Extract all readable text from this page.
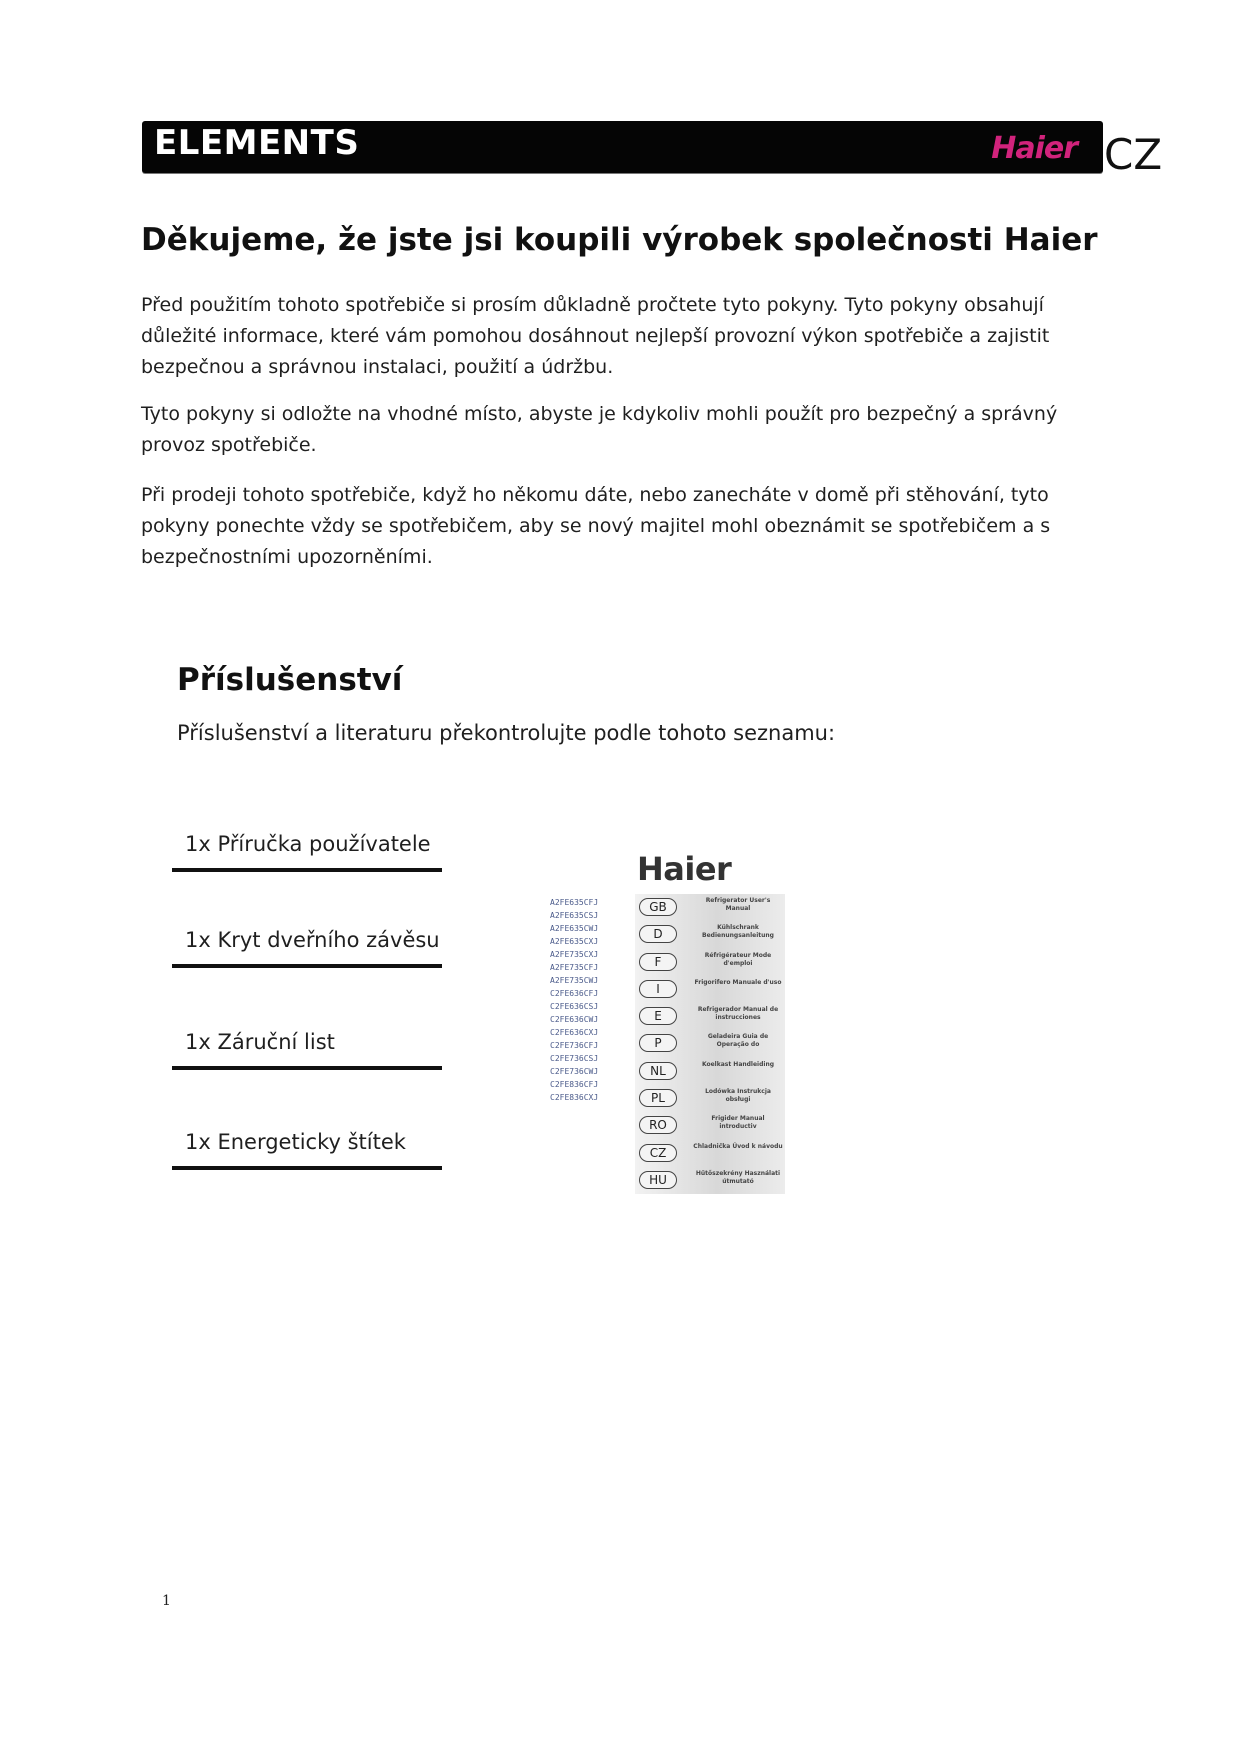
ELEMENTS	Haier CZ
Děkujeme, že jste jsi koupili výrobek společnosti Haier

Před použitím tohoto spotřebiče si prosím důkladně pročtete tyto pokyny. Tyto pokyny obsahují důležité informace, které vám pomohou dosáhnout nejlepší provozní výkon spotřebiče a zajistit bezpečnou a správnou instalaci, použití a údržbu.

Tyto pokyny si odložte na vhodné místo, abyste je kdykoliv mohli použít pro bezpečný a správný provoz spotřebiče.

Při prodeji tohoto spotřebiče, když ho někomu dáte, nebo zanecháte v domě při stěhování, tyto pokyny ponechte vždy se spotřebičem, aby se nový majitel mohl obeznámit se spotřebičem a s bezpečnostními upozorněními.

Příslušenství

Příslušenství a literaturu překontrolujte podle tohoto seznamu:

1x Příručka používatele
1x Kryt dveřního závěsu
1x Záruční list
1x Energeticky štítek
Haier
A2FE635CFJ
A2FE635CSJ
A2FE635CWJ
A2FE635CXJ
A2FE735CXJ
A2FE735CFJ
A2FE735CWJ
C2FE636CFJ
C2FE636CSJ
C2FE636CWJ
C2FE636CXJ
C2FE736CFJ
C2FE736CSJ
C2FE736CWJ
C2FE836CFJ
C2FE836CXJ
GB	Refrigerator User's Manual
D	Kühlschrank Bedienungsanleitung
F	Réfrigérateur Mode d'emploi
I	Frigorifero Manuale d'uso
E	Refrigerador Manual de instrucciones
P	Geladeira Guia de Operação do
NL	Koelkast Handleiding
PL	Lodówka Instrukcja obsługi
RO	Frigider Manual introductiv
CZ	Chladnička Úvod k návodu
HU	Hűtőszekrény Használati útmutató
1
